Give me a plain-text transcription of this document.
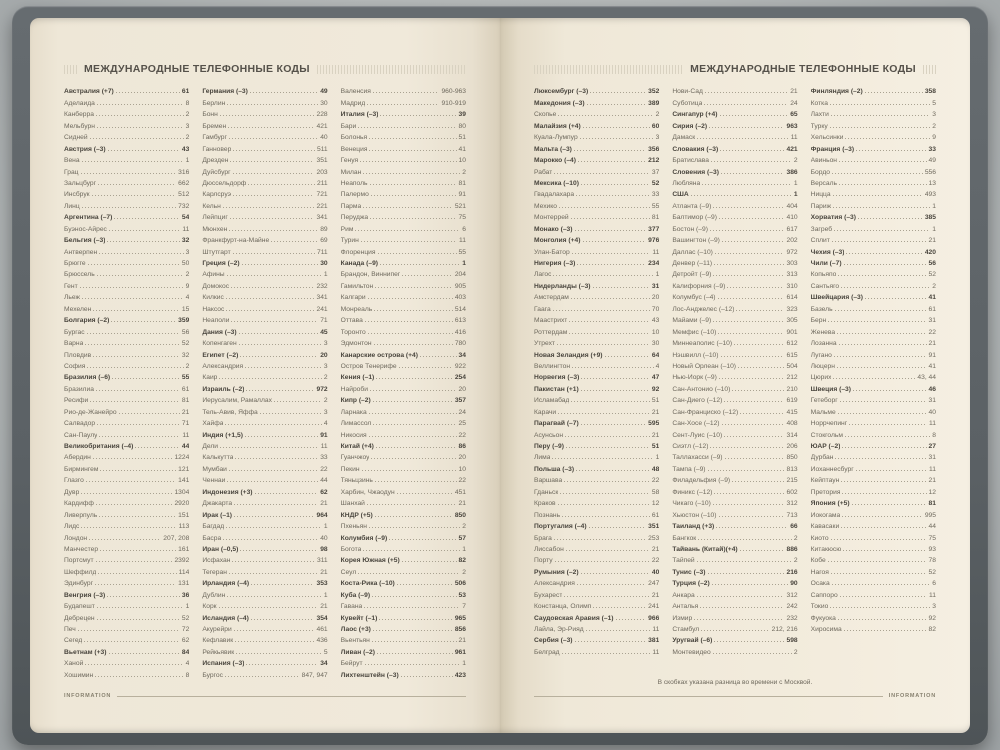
МЕЖДУНАРОДНЫЕ ТЕЛЕФОННЫЕ КОДЫ
Австралия (+7)	61
Аделаида	8
Канберра	2
Мельбурн	3
Сидней	2
Австрия (–3)	43
Вена	1
Грац	316
Зальцбург	662
Инсбрук	512
Линц	732
Аргентина (–7)	54
Буэнос-Айрес	11
Бельгия (–3)	32
Антверпен	3
Брюгге	50
Брюссель	2
Гент	9
Льеж	4
Мехелен	15
Болгария (–2)	359
Бургас	56
Варна	52
Пловдив	32
София	2
Бразилия (–6)	55
Бразилиа	61
Ресифи	81
Рио-де-Жанейро	21
Салвадор	71
Сан-Паулу	11
Великобритания (–4)	44
Абердин	1224
Бирмингем	121
Глазго	141
Дувр	1304
Кардифф	2920
Ливерпуль	151
Лидс	113
Лондон	207, 208
Манчестер	161
Портсмут	2392
Шеффилд	114
Эдинбург	131
Венгрия (–3)	36
Будапешт	1
Дебрецен	52
Печ	72
Сегед	62
Вьетнам (+3)	84
Ханой	4
Хошимин	8
Германия (–3)	49
Берлин	30
Бонн	228
Бремен	421
Гамбург	40
Ганновер	511
Дрезден	351
Дуйсбург	203
Дюссельдорф	211
Карлсруэ	721
Кельн	221
Лейпциг	341
Мюнхен	89
Франкфурт-на-Майне	69
Штутгарт	711
Греция (–2)	30
Афины	1
Домокос	232
Килкис	341
Наксос	241
Неаполи	71
Дания (–3)	45
Копенгаген	3
Египет (–2)	20
Александрия	3
Каир	2
Израиль (–2)	972
Иерусалим, Рамаллах	2
Тель-Авив, Яффа	3
Хайфа	4
Индия (+1,5)	91
Дели	11
Калькутта	33
Мумбаи	22
Ченнаи	44
Индонезия (+3)	62
Джакарта	21
Ирак (–1)	964
Багдад	1
Басра	40
Иран (–0,5)	98
Исфахан	311
Тегеран	21
Ирландия (–4)	353
Дублин	1
Корк	21
Исландия (–4)	354
Акурейри	461
Кефлавик	436
Рейкьявик	5
Испания (–3)	34
Бургос	847, 947
Валенсия	960-963
Мадрид	910-919
Италия (–3)	39
Бари	80
Болонья	51
Венеция	41
Генуя	10
Милан	2
Неаполь	81
Палермо	91
Парма	521
Перуджа	75
Рим	6
Турин	11
Флоренция	55
Канада (–9)	1
Брандон, Виннипег	204
Гамильтон	905
Калгари	403
Монреаль	514
Оттава	613
Торонто	416
Эдмонтон	780
Канарские острова (+4)	34
Остров Тенерифе	922
Кения (–1)	254
Найроби	20
Кипр (–2)	357
Ларнака	24
Лимассол	25
Никосия	22
Китай (+4)	86
Гуанчжоу	20
Пекин	10
Тяньцзинь	22
Харбин, Чжаодун	451
Шанхай	21
КНДР (+5)	850
Пхеньян	2
Колумбия (–9)	57
Богота	1
Корея Южная (+5)	82
Сеул	2
Коста-Рика (–10)	506
Куба (–9)	53
Гавана	7
Кувейт (–1)	965
Лаос (+3)	856
Вьентьян	21
Ливан (–2)	961
Бейрут	1
Лихтенштейн (–3)	423
INFORMATION
МЕЖДУНАРОДНЫЕ ТЕЛЕФОННЫЕ КОДЫ
Люксембург (–3)	352
Македония (–3)	389
Скопье	2
Малайзия (+4)	60
Куала-Лумпур	3
Мальта (–3)	356
Марокко (–4)	212
Рабат	37
Мексика (–10)	52
Гвадалахара	33
Мехико	55
Монтеррей	81
Монако (–3)	377
Монголия (+4)	976
Улан-Батор	11
Нигерия (–3)	234
Лагос	1
Нидерланды (–3)	31
Амстердам	20
Гаага	70
Маастрихт	43
Роттердам	10
Утрехт	30
Новая Зеландия (+9)	64
Веллингтон	4
Норвегия (–3)	47
Пакистан (+1)	92
Исламабад	51
Карачи	21
Парагвай (–7)	595
Асунсьон	21
Перу (–9)	51
Лима	1
Польша (–3)	48
Варшава	22
Гданьск	58
Краков	12
Познань	61
Португалия (–4)	351
Брага	253
Лиссабон	21
Порту	22
Румыния (–2)	40
Александрия	247
Бухарест	21
Констанца, Олимп	241
Саудовская Аравия (–1)	966
Лайла, Эр-Рияд	11
Сербия (–3)	381
Белград	11
Нови-Сад	21
Суботица	24
Сингапур (+4)	65
Сирия (–2)	963
Дамаск	11
Словакия (–3)	421
Братислава	2
Словения (–3)	386
Любляна	1
США	1
Атланта (–9)	404
Балтимор (–9)	410
Бостон (–9)	617
Вашингтон (–9)	202
Даллас (–10)	972
Денвер (–11)	303
Детройт (–9)	313
Калифорния (–9)	310
Колумбус (–4)	614
Лос-Анджелес (–12)	323
Майами (–9)	305
Мемфис (–10)	901
Миннеаполис (–10)	612
Нэшвилл (–10)	615
Новый Орлеан (–10)	504
Нью-Йорк (–9)	212
Сан-Антонио (–10)	210
Сан-Диего (–12)	619
Сан-Франциско (–12)	415
Сан-Хосе (–12)	408
Сент-Луис (–10)	314
Сиэтл (–12)	206
Таллахасси (–9)	850
Тампа (–9)	813
Филадельфия (–9)	215
Финикс (–12)	602
Чикаго (–10)	312
Хьюстон (–10)	713
Таиланд (+3)	66
Бангкок	2
Тайвань (Китай)(+4)	886
Тайпей	2
Тунис (–3)	216
Турция (–2)	90
Анкара	312
Анталья	242
Измир	232
Стамбул	212, 216
Уругвай (–6)	598
Монтевидео	2
Финляндия (–2)	358
Котка	5
Лахти	3
Турку	2
Хельсинки	9
Франция (–3)	33
Авиньон	49
Бордо	556
Версаль	13
Ницца	493
Париж	1
Хорватия (–3)	385
Загреб	1
Сплит	21
Чехия (–3)	420
Чили (–7)	56
Копьяпо	52
Сантьяго	2
Швейцария (–3)	41
Базель	61
Берн	31
Женева	22
Лозанна	21
Лугано	91
Люцерн	41
Цюрих	43, 44
Швеция (–3)	46
Гетеборг	31
Мальме	40
Норрчепинг	11
Стокгольм	8
ЮАР (–2)	27
Дурбан	31
Йоханнесбург	11
Кейптаун	21
Претория	12
Япония (+5)	81
Иокогама	995
Кавасаки	44
Киото	75
Китакюсю	93
Кобе	78
Нагоя	52
Осака	6
Саппоро	11
Токио	3
Фукуока	92
Хиросима	82
В скобках указана разница во времени с Москвой.
INFORMATION
